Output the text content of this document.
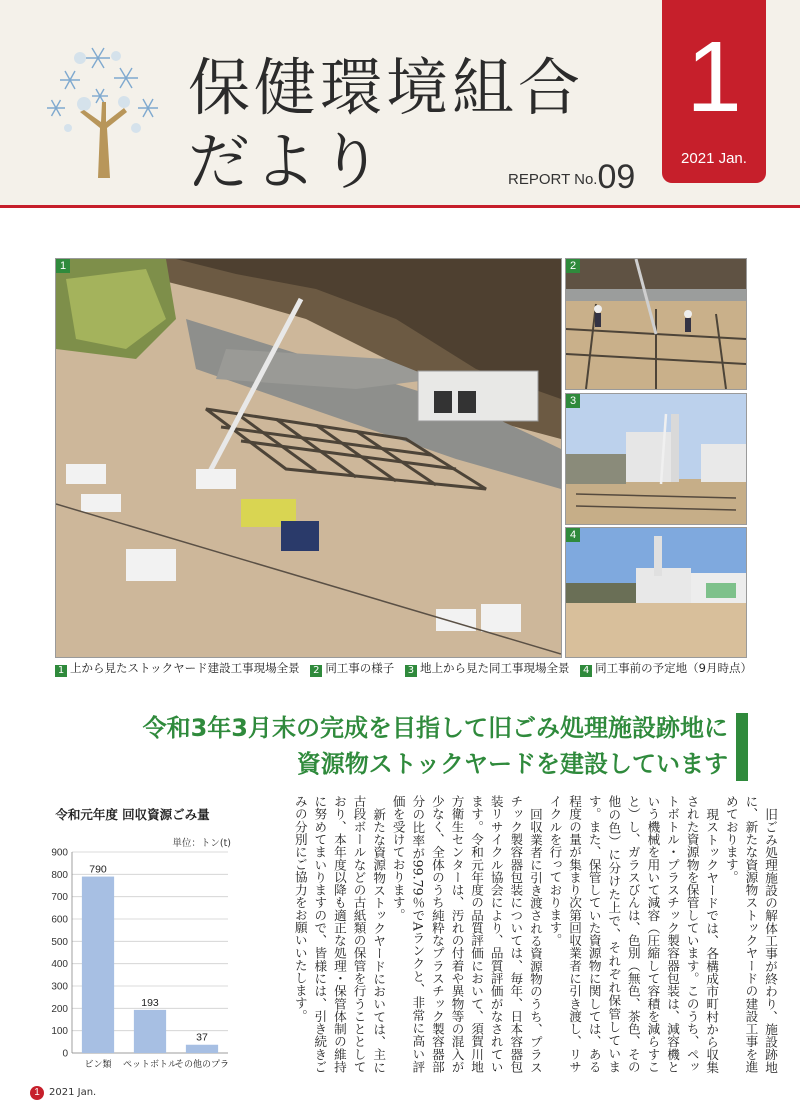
保健環境組合
だより	REPORT No.09
1
2021 Jan.
1	2
3
4
1 上から見たストックヤード建設工事現場全景 2 同工事の様子 3 地上から見た同工事現場全景 4 同工事前の予定地（9月時点）
令和3年3月末の完成を目指して旧ごみ処理施設跡地に
資源物ストックヤードを建設しています
令和元年度 回収資源ごみ量
単位：トン(t)
0
100
200
300
400
500
600
700
800
900
790
ビン類
193
ペットボトル
37
その他のプラ	旧ごみ処理施設の解体工事が終わり、施設跡地に、新たな資源物ストックヤードの建設工事を進めております。

現ストックヤードでは、各構成市町村から収集された資源物を保管しています。このうち、ペットボトル・プラスチック製容器包装は、減容機という機械を用いて減容（圧縮して容積を減らすこと）し、ガラスびんは、色別（無色、茶色、その他の色）に分けた上で、それぞれ保管しています。また、保管していた資源物に関しては、ある程度の量が集まり次第回収業者に引き渡し、リサイクルを行っております。

回収業者に引き渡される資源物のうち、プラスチック製容器包装については、毎年、日本容器包装リサイクル協会により、品質評価がなされています。令和元年度の品質評価において、須賀川地方衛生センターは、汚れの付着や異物等の混入が少なく、全体のうち純粋なプラスチック製容器部分の比率が99.79％でAランクと、非常に高い評価を受けております。

新たな資源物ストックヤードにおいては、主に古段ボールなどの古紙類の保管を行うこととしており、本年度以降も適正な処理・保管体制の維持に努めてまいりますので、皆様には、引き続きごみの分別にご協力をお願いいたします。

1 2021 Jan.
